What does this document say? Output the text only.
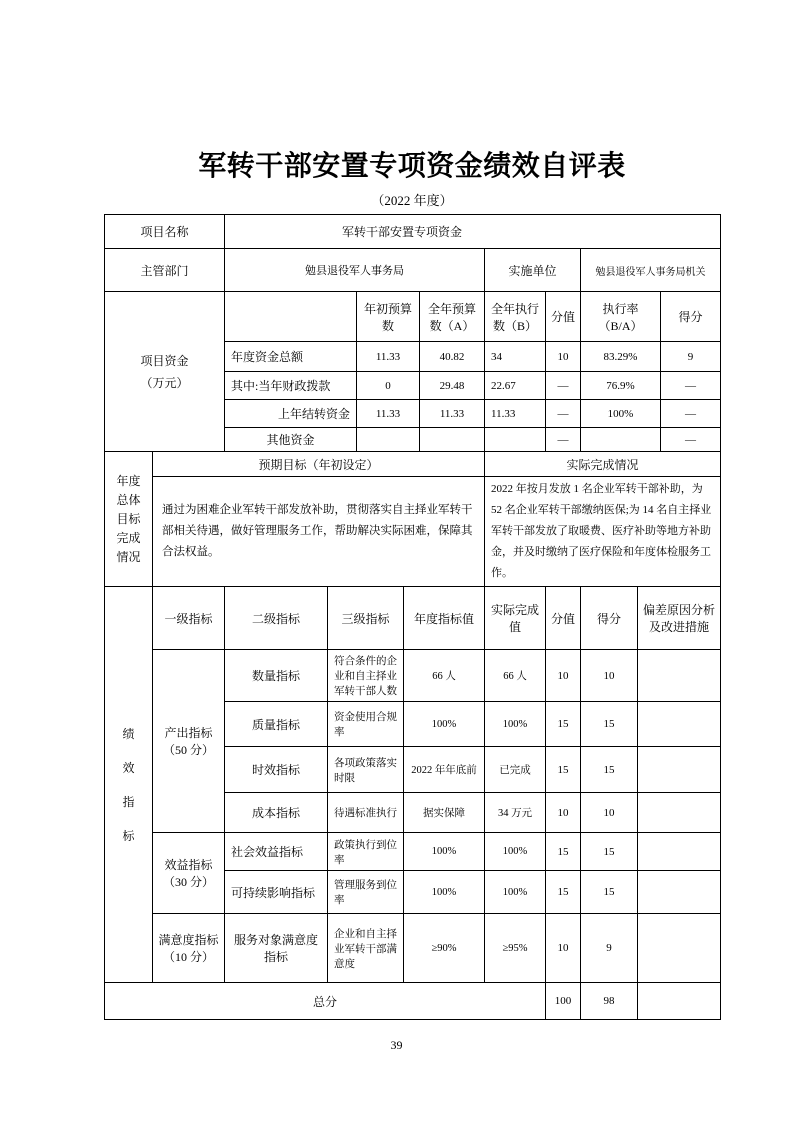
军转干部安置专项资金绩效自评表
（2022 年度）
项目名称	军转干部安置专项资金		
主管部门	勉县退役军人事务局	实施单位	勉县退役军人事务局机关
项目资金（万元）		年初预算数	全年预算数（A）	全年执行数（B）	分值	执行率（B/A）	得分
	年度资金总额	11.33	40.82	34	10	83.29%	9
	其中:当年财政拨款	0	29.48	22.67	—	76.9%	—
	上年结转资金	11.33	11.33	11.33	—	100%	—
	其他资金				—		—
年度总体目标完成情况	预期目标（年初设定）	实际完成情况
	通过为困难企业军转干部发放补助，贯彻落实自主择业军转干部相关待遇，做好管理服务工作，帮助解决实际困难，保障其合法权益。	2022 年按月发放 1 名企业军转干部补助，为 52 名企业军转干部缴纳医保;为 14 名自主择业军转干部发放了取暖费、医疗补助等地方补助金，并及时缴纳了医疗保险和年度体检服务工作。
绩效指标	一级指标	二级指标	三级指标	年度指标值	实际完成值	分值	得分	偏差原因分析及改进措施
	产出指标（50 分）	数量指标	符合条件的企业和自主择业军转干部人数	66 人	66 人	10	10	
		质量指标	资金使用合规率	100%	100%	15	15	
		时效指标	各项政策落实时限	2022 年年底前	已完成	15	15	
		成本指标	待遇标准执行	据实保障	34 万元	10	10	
	效益指标（30 分）	社会效益指标	政策执行到位率	100%	100%	15	15	
		可持续影响指标	管理服务到位率	100%	100%	15	15	
	满意度指标（10 分）	服务对象满意度指标	企业和自主择业军转干部满意度	≥90%	≥95%	10	9	
总分	100	98	
39
